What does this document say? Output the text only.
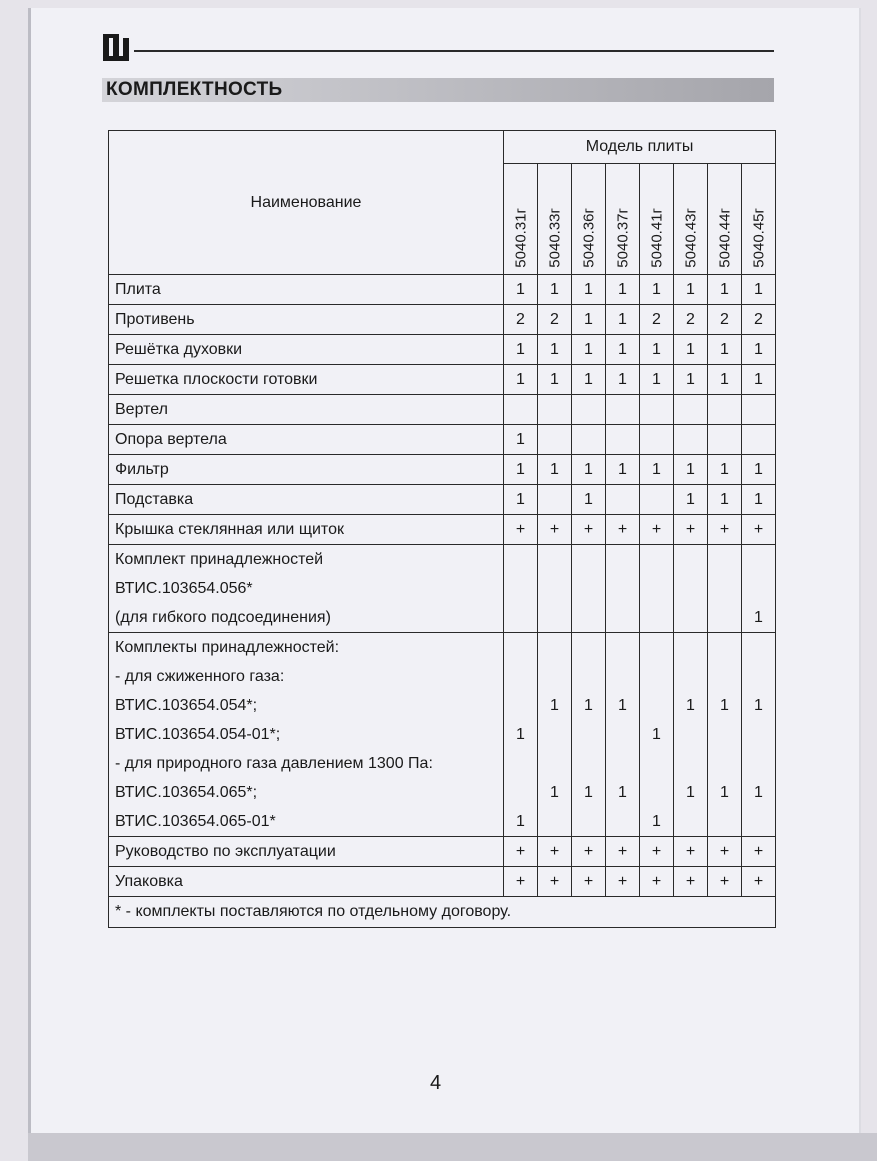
КОМПЛЕКТНОСТЬ
Наименование	Модель плиты							

	5040.31г	5040.33г	5040.36г	5040.37г	5040.41г	5040.43г	5040.44г	5040.45г

Плита	1	1	1	1	1	1	1	1
Противень	2	2	1	1	2	2	2	2
Решётка духовки	1	1	1	1	1	1	1	1
Решетка плоскости готовки	1	1	1	1	1	1	1	1
Вертел								
Опора вертела	1							
Фильтр	1	1	1	1	1	1	1	1
Подставка	1		1			1	1	1
Крышка стеклянная или щиток	+	+	+	+	+	+	+	+
Комплект принадлежностей								
ВТИС.103654.056*								
(для гибкого подсоединения)								1
Комплекты принадлежностей:								
- для сжиженного газа:								
ВТИС.103654.054*;		1	1	1		1	1	1
ВТИС.103654.054-01*;	1				1			
- для природного газа давлением 1300 Па:								
ВТИС.103654.065*;		1	1	1		1	1	1
ВТИС.103654.065-01*	1				1			
Руководство по эксплуатации	+	+	+	+	+	+	+	+
Упаковка	+	+	+	+	+	+	+	+
* - комплекты поставляются по отдельному договору.								
4
